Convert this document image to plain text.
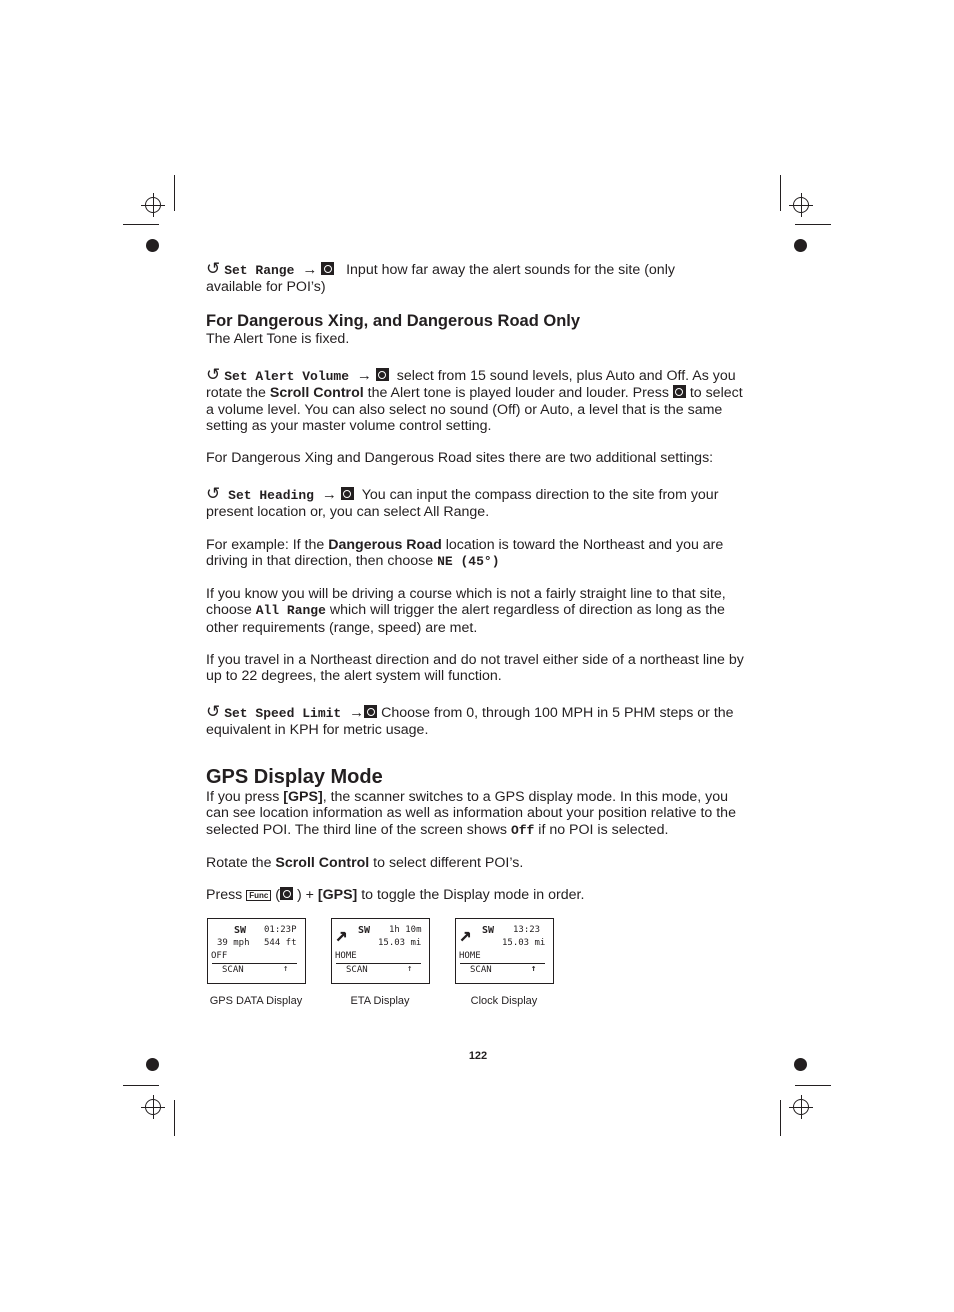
↺ Set Range → Input how far away the alert sounds for the site (only
available for POI’s)

For Dangerous Xing, and Dangerous Road Only

The Alert Tone is fixed.

↺ Set Alert Volume → select from 15 sound levels, plus Auto and Off. As you rotate the Scroll Control the Alert tone is played louder and louder. Press  to select a volume level. You can also select no sound (Off) or Auto, a level that is the same setting as your master volume control setting.

For Dangerous Xing and Dangerous Road sites there are two additional settings:

↺ Set Heading → You can input the compass direction to the site from your present location or, you can select All Range.

For example: If the Dangerous Road location is toward the Northeast and you are driving in that direction, then choose NE (45°)

If you know you will be driving a course which is not a fairly straight line to that site, choose All Range which will trigger the alert regardless of direction as long as the other requirements (range, speed) are met.

If you travel in a Northeast direction and do not travel either side of a northeast line by up to 22 degrees, the alert system will function.

↺ Set Speed Limit → Choose from 0, through 100 MPH in 5 PHM steps or the equivalent in KPH for metric usage.

GPS Display Mode

If you press [GPS], the scanner switches to a GPS display mode. In this mode, you can see location information as well as information about your position relative to the selected POI. The third line of the screen shows Off if no POI is selected.

Rotate the Scroll Control to select different POI’s.

Press Func ( ) + [GPS] to toggle the Display mode in order.

SW 01:23P
39 mph 544 ft
OFF
SCAN	↑
↗ SW 1h 10m
15.03 mi
HOME
SCAN	↑
↗ SW 13:23
15.03 mi
HOME
SCAN	↑
GPS DATA Display	ETA Display	Clock Display
122
